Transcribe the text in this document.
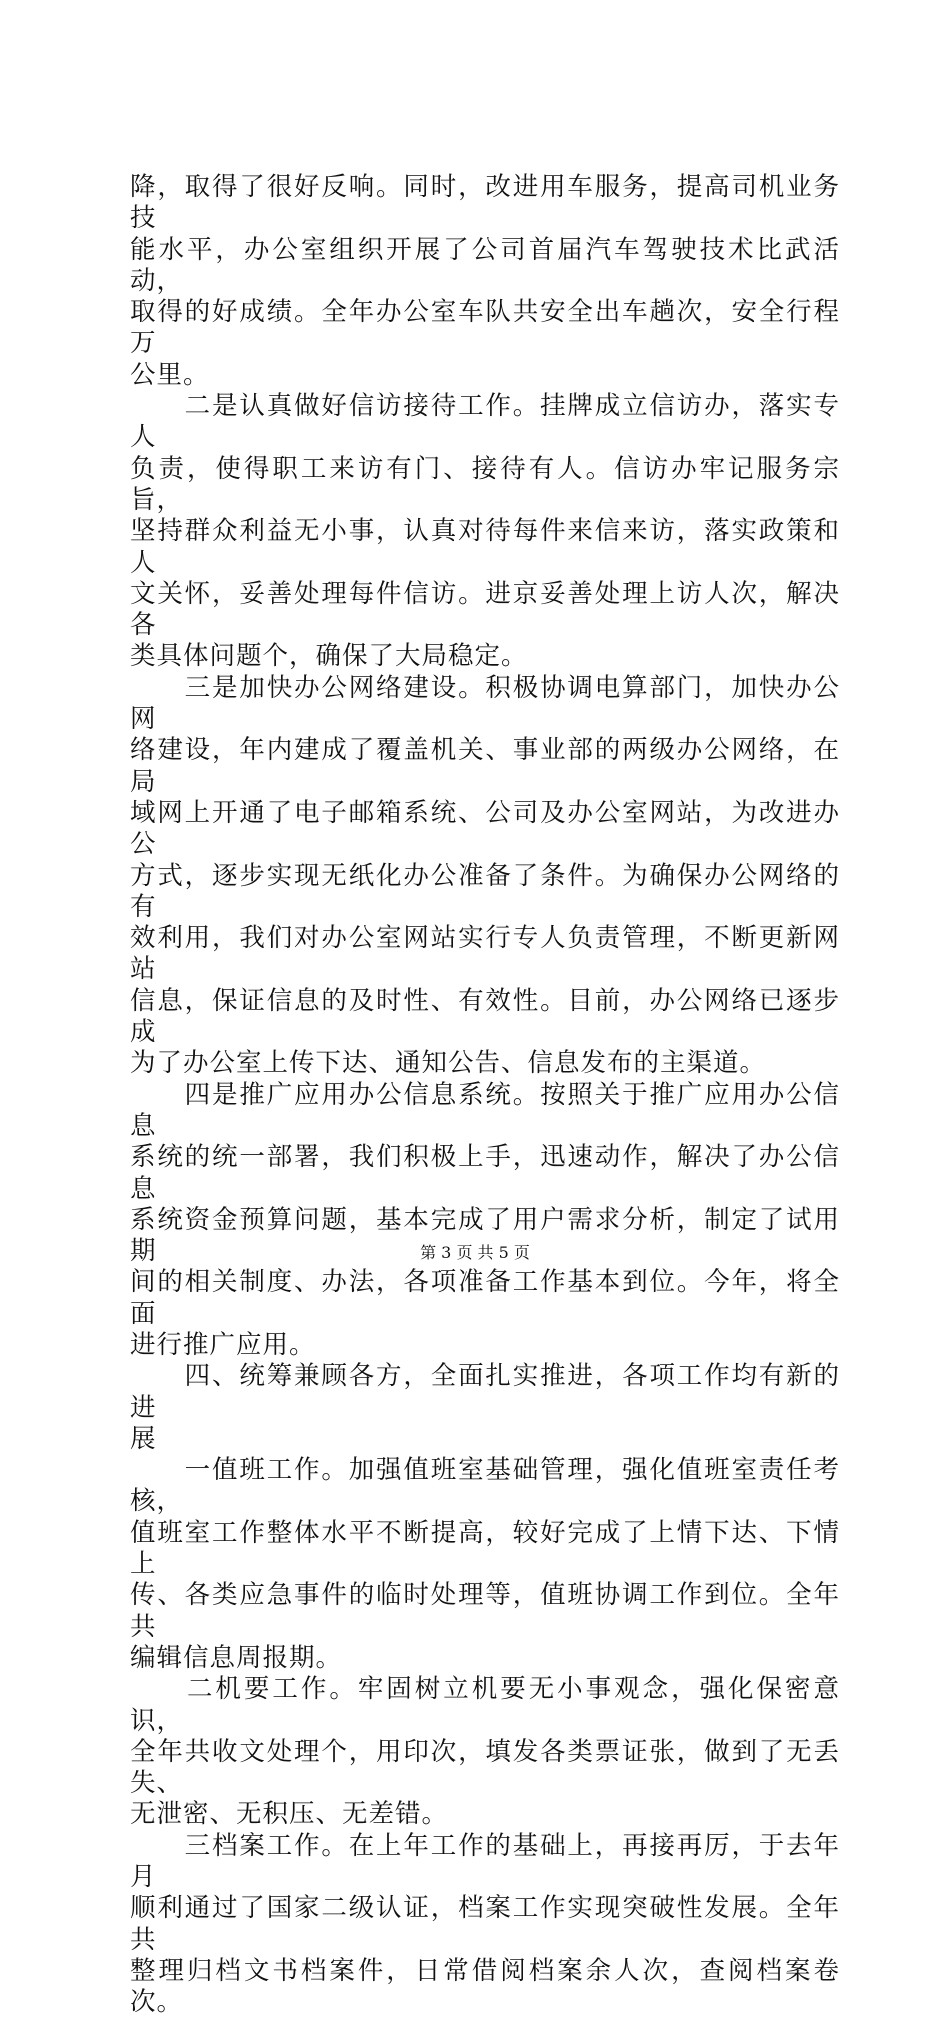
降，取得了很好反响。同时，改进用车服务，提高司机业务技

能水平，办公室组织开展了公司首届汽车驾驶技术比武活动，

取得的好成绩。全年办公室车队共安全出车趟次，安全行程万

公里。

　　二是认真做好信访接待工作。挂牌成立信访办，落实专人

负责，使得职工来访有门、接待有人。信访办牢记服务宗旨，

坚持群众利益无小事，认真对待每件来信来访，落实政策和人

文关怀，妥善处理每件信访。进京妥善处理上访人次，解决各

类具体问题个，确保了大局稳定。

　　三是加快办公网络建设。积极协调电算部门，加快办公网

络建设，年内建成了覆盖机关、事业部的两级办公网络，在局

域网上开通了电子邮箱系统、公司及办公室网站，为改进办公

方式，逐步实现无纸化办公准备了条件。为确保办公网络的有

效利用，我们对办公室网站实行专人负责管理，不断更新网站

信息，保证信息的及时性、有效性。目前，办公网络已逐步成

为了办公室上传下达、通知公告、信息发布的主渠道。

　　四是推广应用办公信息系统。按照关于推广应用办公信息

系统的统一部署，我们积极上手，迅速动作，解决了办公信息

系统资金预算问题，基本完成了用户需求分析，制定了试用期

间的相关制度、办法，各项准备工作基本到位。今年，将全面

进行推广应用。

　　四、统筹兼顾各方，全面扎实推进，各项工作均有新的进

展

　　一值班工作。加强值班室基础管理，强化值班室责任考核，

值班室工作整体水平不断提高，较好完成了上情下达、下情上

传、各类应急事件的临时处理等，值班协调工作到位。全年共

编辑信息周报期。

　　二机要工作。牢固树立机要无小事观念，强化保密意识，

全年共收文处理个，用印次，填发各类票证张，做到了无丢失、

无泄密、无积压、无差错。

　　三档案工作。在上年工作的基础上，再接再厉，于去年月

顺利通过了国家二级认证，档案工作实现突破性发展。全年共

整理归档文书档案件，日常借阅档案余人次，查阅档案卷次。

第 3 页 共 5 页
